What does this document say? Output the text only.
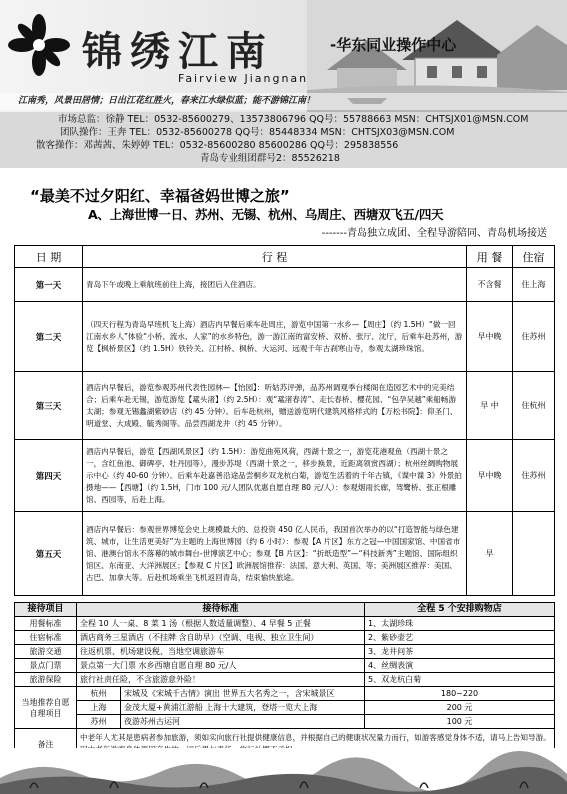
锦绣江南	-华东同业操作中心
Fairview Jiangnan
江南秀，风景田居情；日出江花红胜火，春来江水绿似蓝；能不游锦江南！
市场总监：徐静 TEL：0532-85600279、13573806796 QQ号：55788663 MSN：CHTSJX01@MSN.COM
团队操作：王奔 TEL：0532-85600278 QQ号：85448334 MSN：CHTSJX03@MSN.COM
散客操作：邓茜茜、朱婷婷 TEL：0532-85600280 85600286 QQ号：295838556
青岛专业组团群号2：85526218
“最美不过夕阳红、幸福爸妈世博之旅”
A、上海世博一日、苏州、无锡、杭州、乌周庄、西塘双飞五/四天
-------青岛独立成团、全程导游陪同、青岛机场接送
日 期	行 程	用 餐	住宿
第一天	青岛下午或晚上乘航班前往上海，接团后入住酒店。	不含餐	住上海
第二天	（四天行程为青岛早班机飞上海）酒店内早餐后乘车赴周庄，游览中国第一水乡—【周庄】（约 1.5H）“做一回江南水乡人”体验“小桥、流水、人家”的水乡特色，游一游江南的富安桥、双桥、张厅、沈厅，后乘车赴苏州，游览【枫桥景区】（约 1.5H）铁铃关、江村桥、枫桥、大运河、远观千年古刹寒山寺，参观太湖珍珠馆。	早中晚	住苏州
第三天	酒店内早餐后，游览参观苏州代表性园林—【怡园】：听姑苏评弹，品苏州调观季台楼阁在造园艺术中的完美结合；后乘车赴无锡，游览游览【鼋头渚】（约 2.5H）：观“鼋渚春涛”、走长春桥、樱花园、“包孕吴越”乘船畅游太湖；参观无锡蠡湖紫砂店（约 45 分钟）。后车赴杭州，赠送游览明代建筑风格样式的【万松书院】：仰圣门、明道堂、大成殿、毓秀阁等。品尝西湖龙井（约 45 分钟）。	早 中	住杭州
第四天	酒店内早餐后，游览【西湖风景区】（约 1.5H）：游览曲苑风荷，西湖十景之一，游览花港观鱼（西湖十景之一，含红鱼池、御碑亭、牡丹园等），漫步苏堤（西湖十景之一，移步换景，近距离领赏西湖）；杭州丝绸购物展示中心（约 40-60 分钟）。后乘车赴嘉善沿途品尝桐乡双龙杭白菊，游览生活着的千年古镇，《谍中谍 3》外景拍摄地——【西塘】（约 1.5H，门市 100 元/人团队优惠自愿自理 80 元/人）：参观烟雨长廊，驾鹭桥、张正根雕馆、西园等，后赴上海。	早中晚	住苏州
第五天	酒店内早餐后：参观世界博览会史上规模最大的、总投资 450 亿人民币，我国首次举办的以“打造智能与绿色建筑、城市，让生活更美好”为主题的上海世博园（约 6 小时）：参观【A 片区】东方之冠—中国国家馆、中国省市馆、港澳台馆永不落幕的城市舞台-世博演艺中心；参观【B 片区】：“折纸造型”—“科技新秀”主题馆、国际组织馆区、东南亚、大洋洲展区；【参观 C 片区】欧洲展馆推荐：法国、意大利、英国、等；美洲展区推荐：美国、古巴、加拿大等。后赴机场乘坐飞机返回青岛，结束愉快旅途。	早	
接待项目	接待标准		全程 5 个安排购物店
用餐标准	全程 10 人一桌、8 菜 1 汤（根据人数适量调整）、4 早餐 5 正餐		1、太湖珍珠
住宿标准	酒店商务三星酒店（不挂牌 含自助早）（空调、电视、独立卫生间）		2、紫砂壶艺
旅游交通	往返机票、机场建设税、当地空调旅游车		3、龙井问茶
景点门票	景点第一大门票 水乡西塘自愿自理 80 元/人		4、丝绸表演
旅游保险	旅行社责任险，不含旅游意外险！		5、双龙杭白菊
当地推荐自愿自理项目	杭州	宋城及《宋城千古情》演出 世界五大名秀之一，含宋城景区	180~220
	上海	金茂大厦+黄浦江游船 上海十大建筑，登塔一览大上海	200 元
	苏州	夜游苏州古运河	100 元
备注	中老年人尤其是患病者参加旅游，须如实向旅行社提供健康信息，并根据自己的健康状况量力而行，如游客感觉身体不适，请马上告知导游。		
